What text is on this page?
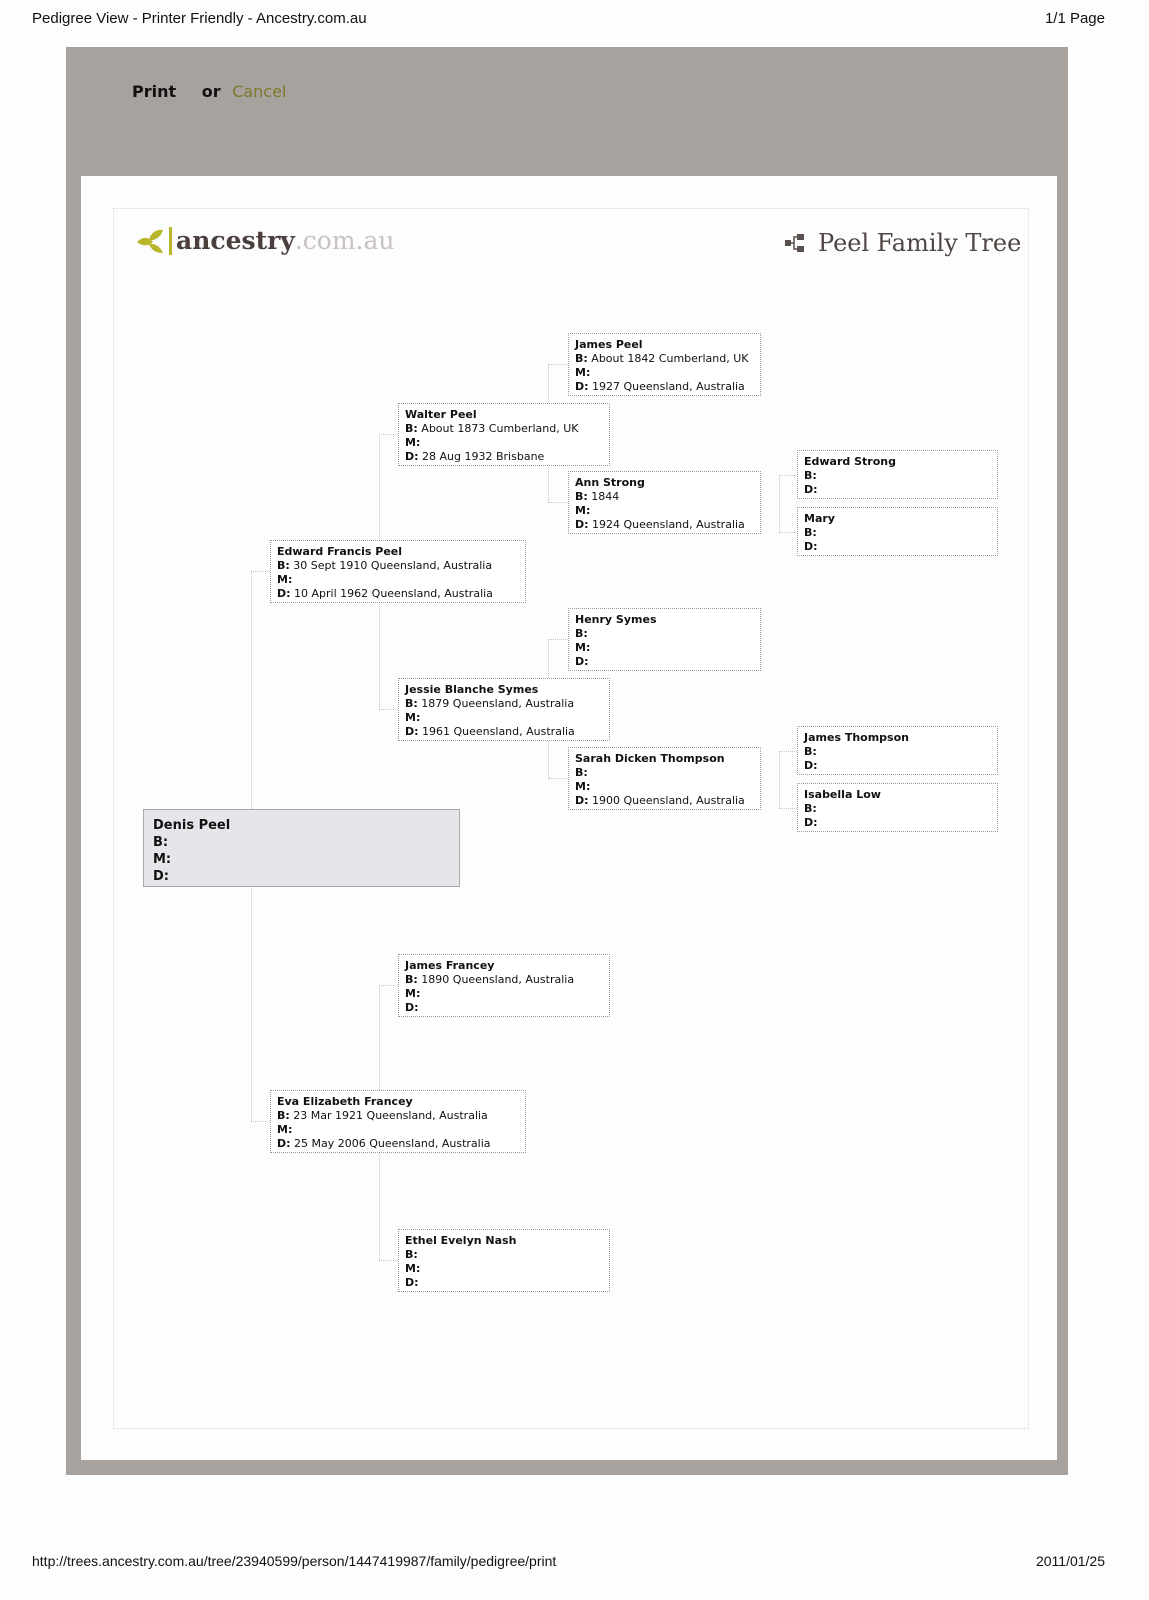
Pedigree View - Printer Friendly - Ancestry.com.au	1/1 Page
Print or Cancel
ancestry .com.au	Peel Family Tree
Denis Peel
B:
M:
D:
Edward Francis Peel
B: 30 Sept 1910 Queensland, Australia
M:
D: 10 April 1962 Queensland, Australia
Eva Elizabeth Francey
B: 23 Mar 1921 Queensland, Australia
M:
D: 25 May 2006 Queensland, Australia
Walter Peel
B: About 1873 Cumberland, UK
M:
D: 28 Aug 1932 Brisbane
Jessie Blanche Symes
B: 1879 Queensland, Australia
M:
D: 1961 Queensland, Australia
James Francey
B: 1890 Queensland, Australia
M:
D:
Ethel Evelyn Nash
B:
M:
D:
James Peel
B: About 1842 Cumberland, UK
M:
D: 1927 Queensland, Australia
Ann Strong
B: 1844
M:
D: 1924 Queensland, Australia
Henry Symes
B:
M:
D:
Sarah Dicken Thompson
B:
M:
D: 1900 Queensland, Australia
Edward Strong
B:
D:
Mary
B:
D:
James Thompson
B:
D:
Isabella Low
B:
D:
http://trees.ancestry.com.au/tree/23940599/person/1447419987/family/pedigree/print	2011/01/25
